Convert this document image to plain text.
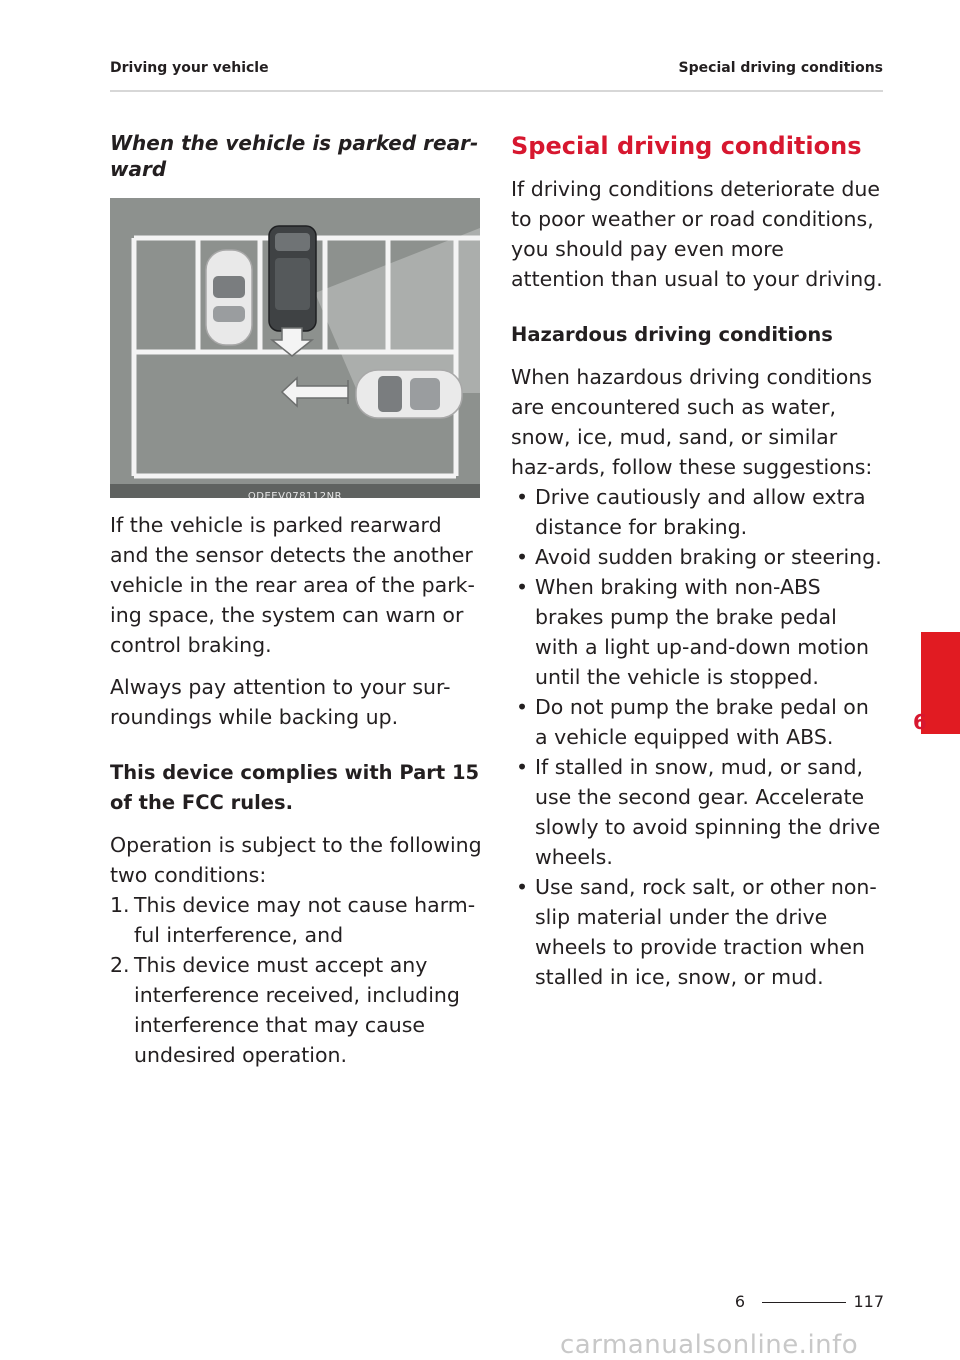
Driving your vehicle	Special driving conditions
When the vehicle is parked rear-
ward
ODEEV078112NR

If the vehicle is parked rearward and the sensor detects the another vehicle in the rear area of the park-ing space, the system can warn or control braking.

Always pay attention to your sur-roundings while backing up.

This device complies with Part 15 of the FCC rules.

Operation is subject to the following two conditions:

1. This device may not cause harm-ful interference, and
2. This device must accept any interference received, including interference that may cause undesired operation.
Special driving conditions

If driving conditions deteriorate due to poor weather or road conditions, you should pay even more attention than usual to your driving.

Hazardous driving conditions

When hazardous driving conditions are encountered such as water, snow, ice, mud, sand, or similar haz-ards, follow these suggestions:

• Drive cautiously and allow extra distance for braking.
• Avoid sudden braking or steering.
• When braking with non-ABS brakes pump the brake pedal with a light up-and-down motion until the vehicle is stopped.
• Do not pump the brake pedal on a vehicle equipped with ABS.
• If stalled in snow, mud, or sand, use the second gear. Accelerate slowly to avoid spinning the drive wheels.
• Use sand, rock salt, or other non-slip material under the drive wheels to provide traction when stalled in ice, snow, or mud.
6
6	117
carmanualsonline.info
